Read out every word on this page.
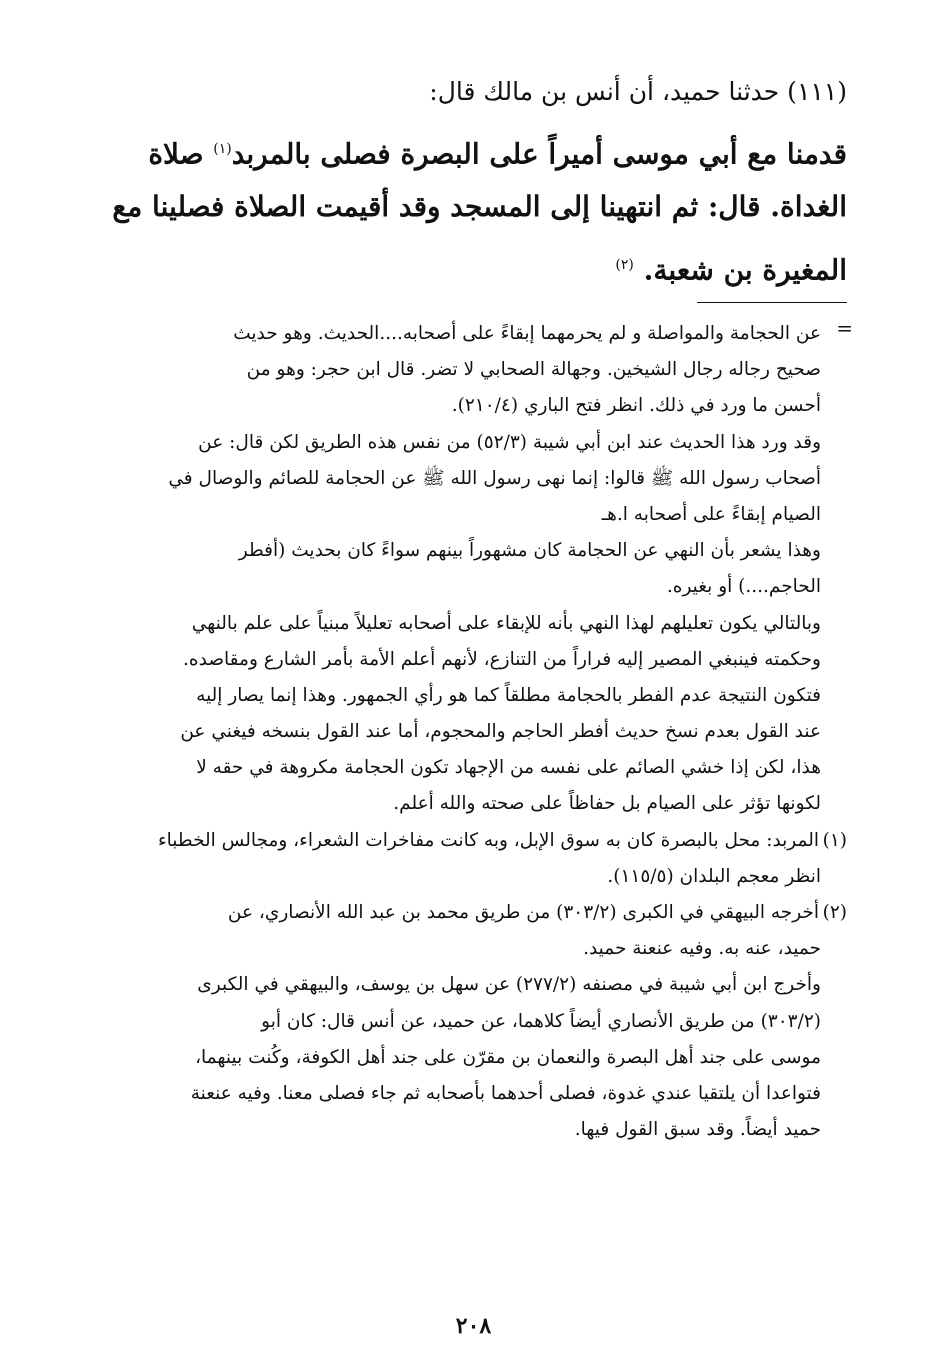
(١١١) حدثنا حميد، أن أنس بن مالك قال:
قدمنا مع أبي موسى أميراً على البصرة فصلى بالمربد$^{(١)}$ صلاة
الغداة. قال: ثم انتهينا إلى المسجد وقد أقيمت الصلاة فصلينا مع
المغيرة بن شعبة. $^{(٢)}$
=
عن الحجامة والمواصلة و لم يحرمهما إبقاءً على أصحابه....الحديث. وهو حديث
صحيح رجاله رجال الشيخين. وجهالة الصحابي لا تضر. قال ابن حجر: وهو من
أحسن ما ورد في ذلك. انظر فتح الباري (٢١٠/٤).
وقد ورد هذا الحديث عند ابن أبي شيبة (٥٢/٣) من نفس هذه الطريق لكن قال: عن
أصحاب رسول الله ﷺ قالوا: إنما نهى رسول الله ﷺ عن الحجامة للصائم والوصال في
الصيام إبقاءً على أصحابه ا.هـ
وهذا يشعر بأن النهي عن الحجامة كان مشهوراً بينهم سواءً كان بحديث (أفطر
الحاجم....) أو بغيره.
وبالتالي يكون تعليلهم لهذا النهي بأنه للإبقاء على أصحابه تعليلاً مبنياً على علم بالنهي
وحكمته فينبغي المصير إليه فراراً من التنازع، لأنهم أعلم الأمة بأمر الشارع ومقاصده.
فتكون النتيجة عدم الفطر بالحجامة مطلقاً كما هو رأي الجمهور. وهذا إنما يصار إليه
عند القول بعدم نسخ حديث أفطر الحاجم والمحجوم، أما عند القول بنسخه فيغني عن
هذا، لكن إذا خشي الصائم على نفسه من الإجهاد تكون الحجامة مكروهة في حقه لا
لكونها تؤثر على الصيام بل حفاظاً على صحته والله أعلم.
(١)المربد: محل بالبصرة كان به سوق الإبل، وبه كانت مفاخرات الشعراء، ومجالس الخطباء
انظر معجم البلدان (١١٥/٥).
(٢)أخرجه البيهقي في الكبرى (٣٠٣/٢) من طريق محمد بن عبد الله الأنصاري، عن
حميد، عنه به. وفيه عنعنة حميد.
وأخرج ابن أبي شيبة في مصنفه (٢٧٧/٢) عن سهل بن يوسف، والبيهقي في الكبرى
(٣٠٣/٢) من طريق الأنصاري أيضاً كلاهما، عن حميد، عن أنس قال: كان أبو
موسى على جند أهل البصرة والنعمان بن مقرّن على جند أهل الكوفة، وكُنت بينهما،
فتواعدا أن يلتقيا عندي غدوة، فصلى أحدهما بأصحابه ثم جاء فصلى معنا. وفيه عنعنة
حميد أيضاً. وقد سبق القول فيها.
٢٠٨
